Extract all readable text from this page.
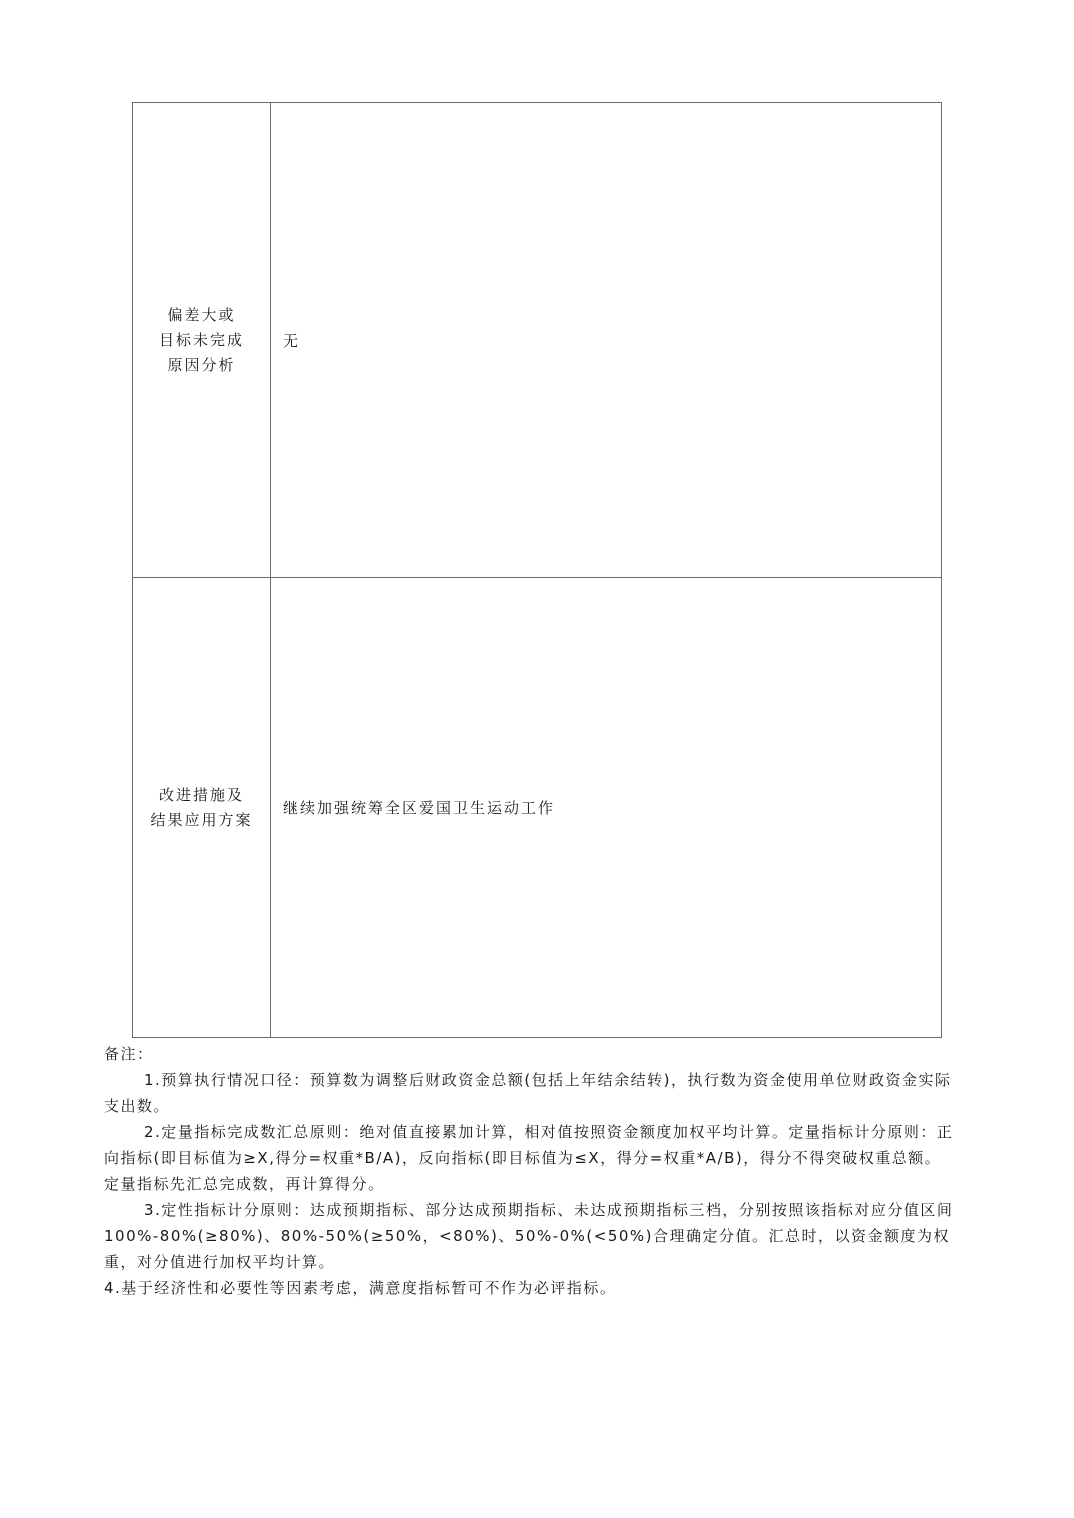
偏差大或
目标未完成
原因分析	无

改进措施及
结果应用方案	继续加强统筹全区爱国卫生运动工作

备注：

1.预算执行情况口径：预算数为调整后财政资金总额(包括上年结余结转)，执行数为资金使用单位财政资金实际支出数。

2.定量指标完成数汇总原则：绝对值直接累加计算，相对值按照资金额度加权平均计算。定量指标计分原则：正向指标(即目标值为≥X,得分=权重*B/A)，反向指标(即目标值为≤X，得分=权重*A/B)，得分不得突破权重总额。定量指标先汇总完成数，再计算得分。

3.定性指标计分原则：达成预期指标、部分达成预期指标、未达成预期指标三档，分别按照该指标对应分值区间 100%-80%(≥80%)、80%-50%(≥50%，<80%)、50%-0%(<50%)合理确定分值。汇总时，以资金额度为权重，对分值进行加权平均计算。

4.基于经济性和必要性等因素考虑，满意度指标暂可不作为必评指标。
